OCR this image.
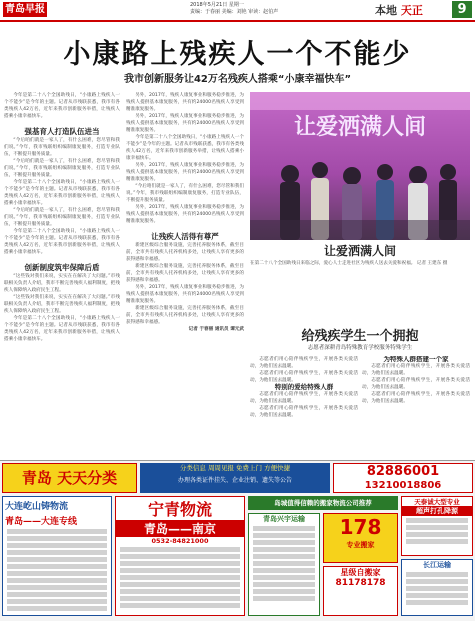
青岛早报	2018年5月21日 星期一
责编：于春丽 美编：刘艳 审读：赵伯声	本地 天正	9
小康路上残疾人一个不能少
我市创新服务让42万名残疾人搭乘“小康幸福快车”

今年是第二十八个全国助残日，“小康路上残疾人一个不能少”是今年的主题。记者从市残联获悉，我市有各类残疾人42万名，近年来我市创新服务举措，让残疾人搭乘小康幸福快车。

强基育人打造队伍进当

“今后咱们就是一家人了，有什么困难，您尽管和我们说。”今年，我市残联组织编制康复服务，打造专业队伍，不断提升服务质量。

“今后咱们就是一家人了，有什么困难，您尽管和我们说。”今年，我市残联组织编制康复服务，打造专业队伍，不断提升服务质量。

今年是第二十八个全国助残日，“小康路上残疾人一个不能少”是今年的主题。记者从市残联获悉，我市有各类残疾人42万名，近年来我市创新服务举措，让残疾人搭乘小康幸福快车。

“今后咱们就是一家人了，有什么困难，您尽管和我们说。”今年，我市残联组织编制康复服务，打造专业队伍，不断提升服务质量。

今年是第二十八个全国助残日，“小康路上残疾人一个不能少”是今年的主题。记者从市残联获悉，我市有各类残疾人42万名，近年来我市创新服务举措，让残疾人搭乘小康幸福快车。

创新制度筑牢保障后盾

“这些钱对我们来说，实实在在解决了大问题。”市残联相关负责人介绍，我市不断完善残疾人福利制度，把残疾人保障纳入政府民生工程。

“这些钱对我们来说，实实在在解决了大问题。”市残联相关负责人介绍，我市不断完善残疾人福利制度，把残疾人保障纳入政府民生工程。

今年是第二十八个全国助残日，“小康路上残疾人一个不能少”是今年的主题。记者从市残联获悉，我市有各类残疾人42万名，近年来我市创新服务举措，让残疾人搭乘小康幸福快车。

另外，2017年，残疾人康复事业和服务稳步推进，为残疾人提供基本康复服务，共有约24000名残疾人享受到精准康复服务。

另外，2017年，残疾人康复事业和服务稳步推进，为残疾人提供基本康复服务，共有约24000名残疾人享受到精准康复服务。

今年是第二十八个全国助残日，“小康路上残疾人一个不能少”是今年的主题。记者从市残联获悉，我市有各类残疾人42万名，近年来我市创新服务举措，让残疾人搭乘小康幸福快车。

另外，2017年，残疾人康复事业和服务稳步推进，为残疾人提供基本康复服务，共有约24000名残疾人享受到精准康复服务。

“今后咱们就是一家人了，有什么困难，您尽管和我们说。”今年，我市残联组织编制康复服务，打造专业队伍，不断提升服务质量。

另外，2017年，残疾人康复事业和服务稳步推进，为残疾人提供基本康复服务，共有约24000名残疾人享受到精准康复服务。

让残疾人活得有尊严

新建区级综合服务设施，完善托养服务体系，截至目前，全市共有残疾人托养机构多处，让残疾人享有更多的获得感和幸福感。

新建区级综合服务设施，完善托养服务体系，截至目前，全市共有残疾人托养机构多处，让残疾人享有更多的获得感和幸福感。

另外，2017年，残疾人康复事业和服务稳步推进，为残疾人提供基本康复服务，共有约24000名残疾人享受到精准康复服务。

新建区级综合服务设施，完善托养服务体系，截至目前，全市共有残疾人托养机构多处，让残疾人享有更多的获得感和幸福感。

记者 于春丽 通讯员 谭元武
让爱洒满人间
让爱洒满人间
在第二十八个全国助残日来临之际，爱心人士走进社区为残疾人送去关爱和祝福。 记者 王建东 摄
给残疾学生一个拥抱
志愿者深耕青岛特殊教育学校服务特殊学生

志愿者们用心陪伴残疾学生，开展各类关爱活动，为他们送去温暖。

志愿者们用心陪伴残疾学生，开展各类关爱活动，为他们送去温暖。

特别的爱给特殊人群

志愿者们用心陪伴残疾学生，开展各类关爱活动，为他们送去温暖。

志愿者们用心陪伴残疾学生，开展各类关爱活动，为他们送去温暖。

为特殊人群搭建一个家

志愿者们用心陪伴残疾学生，开展各类关爱活动，为他们送去温暖。

志愿者们用心陪伴残疾学生，开展各类关爱活动，为他们送去温暖。

志愿者们用心陪伴残疾学生，开展各类关爱活动，为他们送去温暖。

青岛 天天分类
分类信息 周周见报 免费上门 方便快捷
办理各类证件挂失、企业注销、遗失等公告
82886001
13210018806
大连屹山铸物流
青岛——大连专线
宁青物流
青岛——南京
0532-84821000
岛城值得信赖的搬家物流公司推荐
青岛兴宇运输	178
专业搬家
星级自搬家
81178178
天泰诚大型专业
超声打孔降源
长江运输
